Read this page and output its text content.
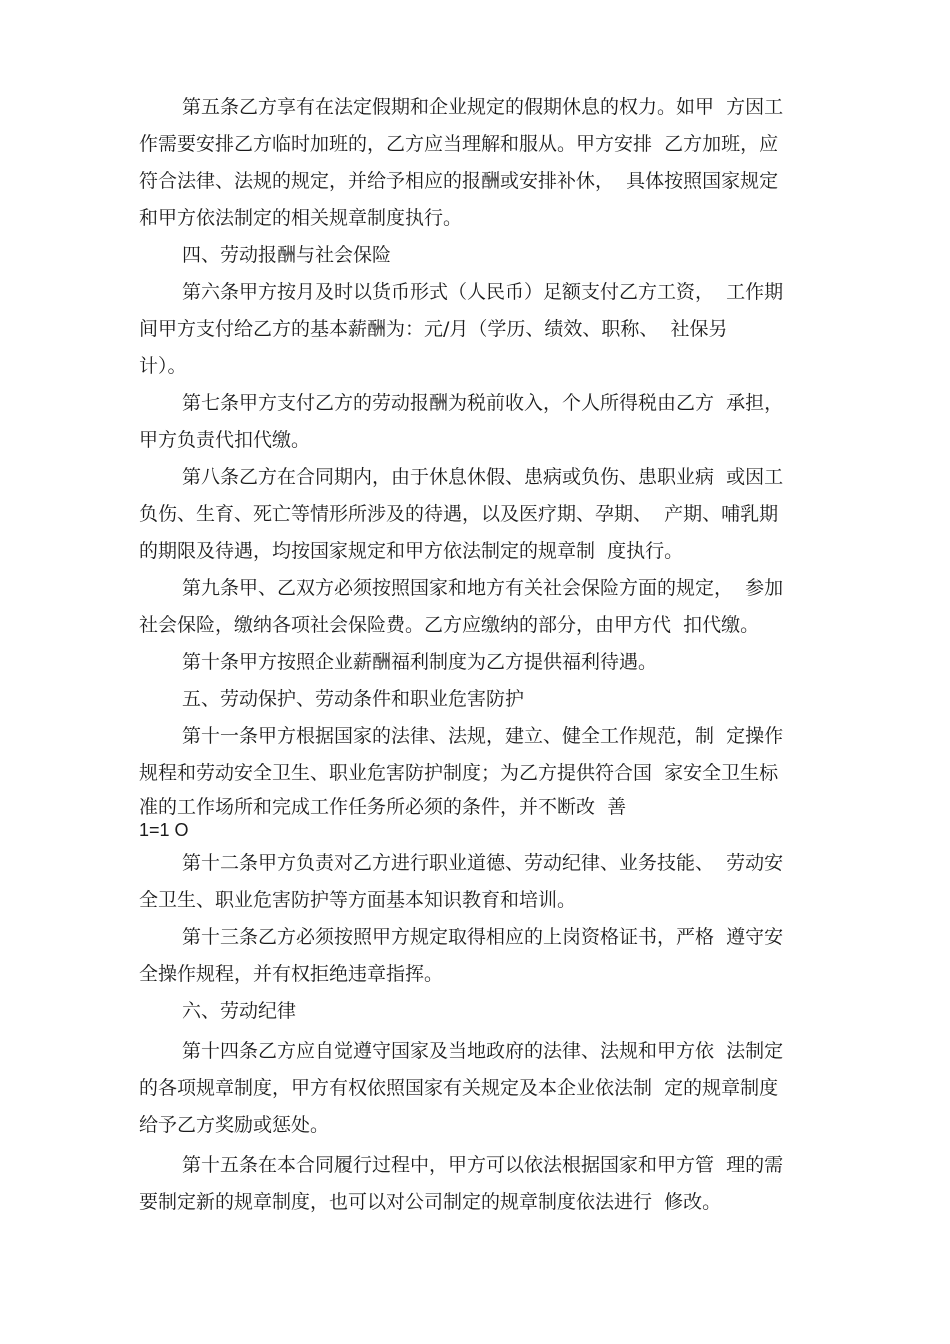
第五条乙方享有在法定假期和企业规定的假期休息的权力。如甲  方因工
作需要安排乙方临时加班的，乙方应当理解和服从。甲方安排  乙方加班，应
符合法律、法规的规定，并给予相应的报酬或安排补休，  具体按照国家规定
和甲方依法制定的相关规章制度执行。
四、劳动报酬与社会保险
第六条甲方按月及时以货币形式（人民币）足额支付乙方工资，  工作期
间甲方支付给乙方的基本薪酬为：元/月（学历、绩效、职称、  社保另
计）。
第七条甲方支付乙方的劳动报酬为税前收入，个人所得税由乙方  承担，
甲方负责代扣代缴。
第八条乙方在合同期内，由于休息休假、患病或负伤、患职业病  或因工
负伤、生育、死亡等情形所涉及的待遇，以及医疗期、孕期、  产期、哺乳期
的期限及待遇，均按国家规定和甲方依法制定的规章制  度执行。
第九条甲、乙双方必须按照国家和地方有关社会保险方面的规定，  参加
社会保险，缴纳各项社会保险费。乙方应缴纳的部分，由甲方代  扣代缴。
第十条甲方按照企业薪酬福利制度为乙方提供福利待遇。
五、劳动保护、劳动条件和职业危害防护
第十一条甲方根据国家的法律、法规，建立、健全工作规范，制  定操作
规程和劳动安全卫生、职业危害防护制度；为乙方提供符合国  家安全卫生标
准的工作场所和完成工作任务所必须的条件，并不断改  善
1=1 O
第十二条甲方负责对乙方进行职业道德、劳动纪律、业务技能、  劳动安
全卫生、职业危害防护等方面基本知识教育和培训。
第十三条乙方必须按照甲方规定取得相应的上岗资格证书，严格  遵守安
全操作规程，并有权拒绝违章指挥。
六、劳动纪律
第十四条乙方应自觉遵守国家及当地政府的法律、法规和甲方依  法制定
的各项规章制度，甲方有权依照国家有关规定及本企业依法制  定的规章制度
给予乙方奖励或惩处。
第十五条在本合同履行过程中，甲方可以依法根据国家和甲方管  理的需
要制定新的规章制度，也可以对公司制定的规章制度依法进行  修改。
